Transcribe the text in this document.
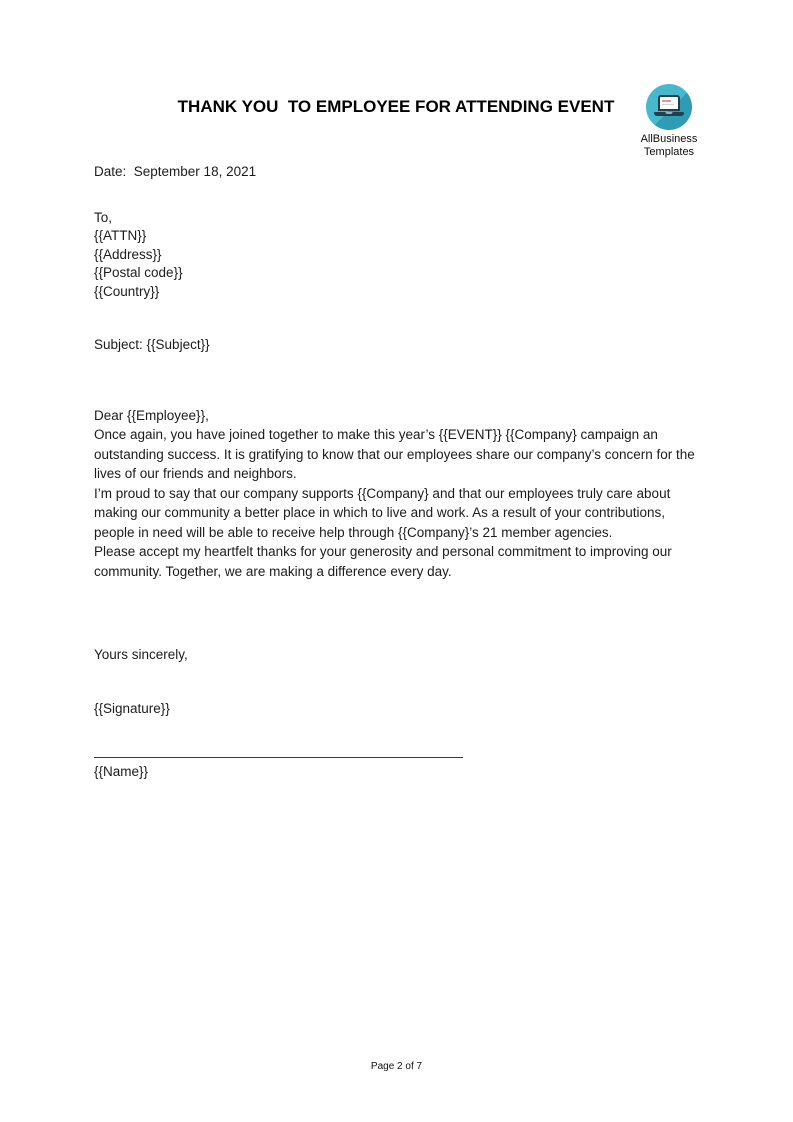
AllBusiness
Templates
THANK YOU  TO EMPLOYEE FOR ATTENDING EVENT
Date:  September 18, 2021
To,
{{ATTN}}
{{Address}}
{{Postal code}}
{{Country}}
Subject: {{Subject}}
Dear {{Employee}},

Once again, you have joined together to make this year’s {{EVENT}} {{Company} campaign an outstanding success. It is gratifying to know that our employees share our company’s concern for the lives of our friends and neighbors.

I’m proud to say that our company supports {{Company} and that our employees truly care about making our community a better place in which to live and work. As a result of your contributions, people in need will be able to receive help through {{Company}’s 21 member agencies.

Please accept my heartfelt thanks for your generosity and personal commitment to improving our community. Together, we are making a difference every day.

Yours sincerely,
{{Signature}}
{{Name}}
Page 2 of 7
